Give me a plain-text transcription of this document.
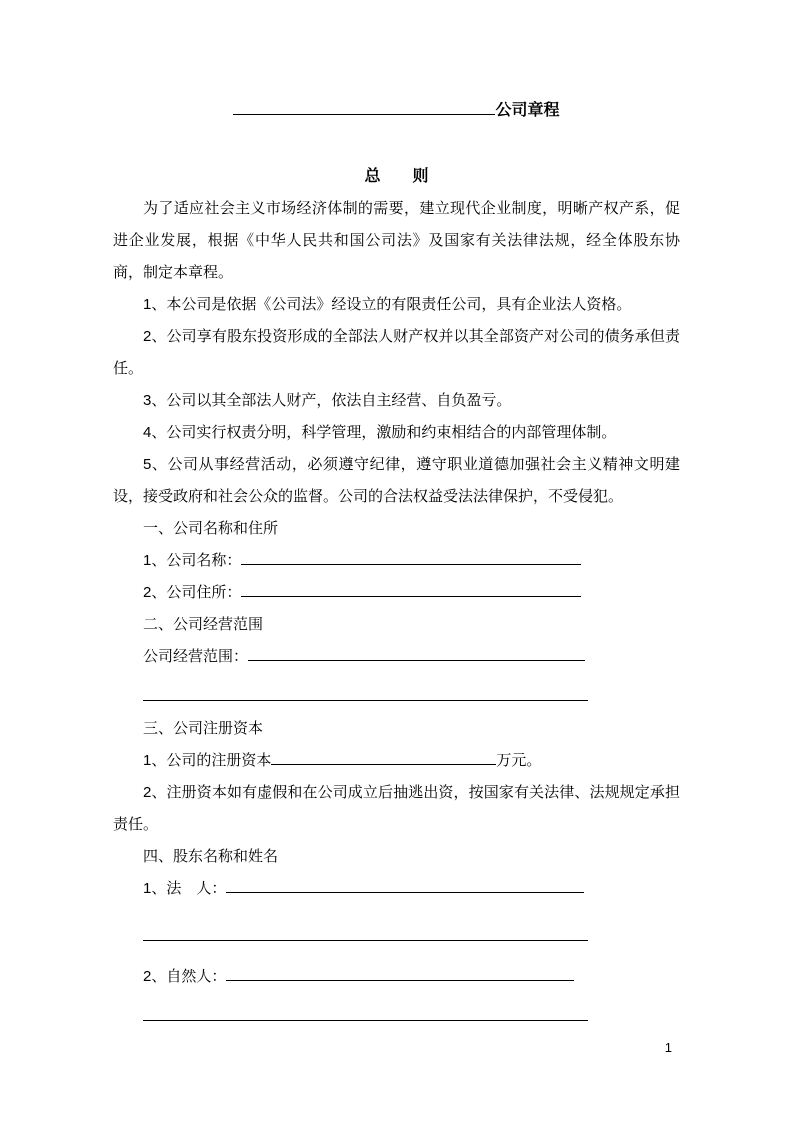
公司章程
总　　则

为了适应社会主义市场经济体制的需要，建立现代企业制度，明晰产权产系，促进企业发展，根据《中华人民共和国公司法》及国家有关法律法规，经全体股东协商，制定本章程。

1、本公司是依据《公司法》经设立的有限责任公司，具有企业法人资格。

2、公司享有股东投资形成的全部法人财产权并以其全部资产对公司的债务承但责任。

3、公司以其全部法人财产，依法自主经营、自负盈亏。

4、公司实行权责分明，科学管理，激励和约束相结合的内部管理体制。

5、公司从事经营活动，必须遵守纪律，遵守职业道德加强社会主义精神文明建设，接受政府和社会公众的监督。公司的合法权益受法法律保护，不受侵犯。

一、公司名称和住所

1、公司名称：
2、公司住所：

二、公司经营范围

公司经营范围：

三、公司注册资本

1、公司的注册资本	万元。

2、注册资本如有虚假和在公司成立后抽逃出资，按国家有关法律、法规规定承担责任。

四、股东名称和姓名

1、法　人：
2、自然人：
1
